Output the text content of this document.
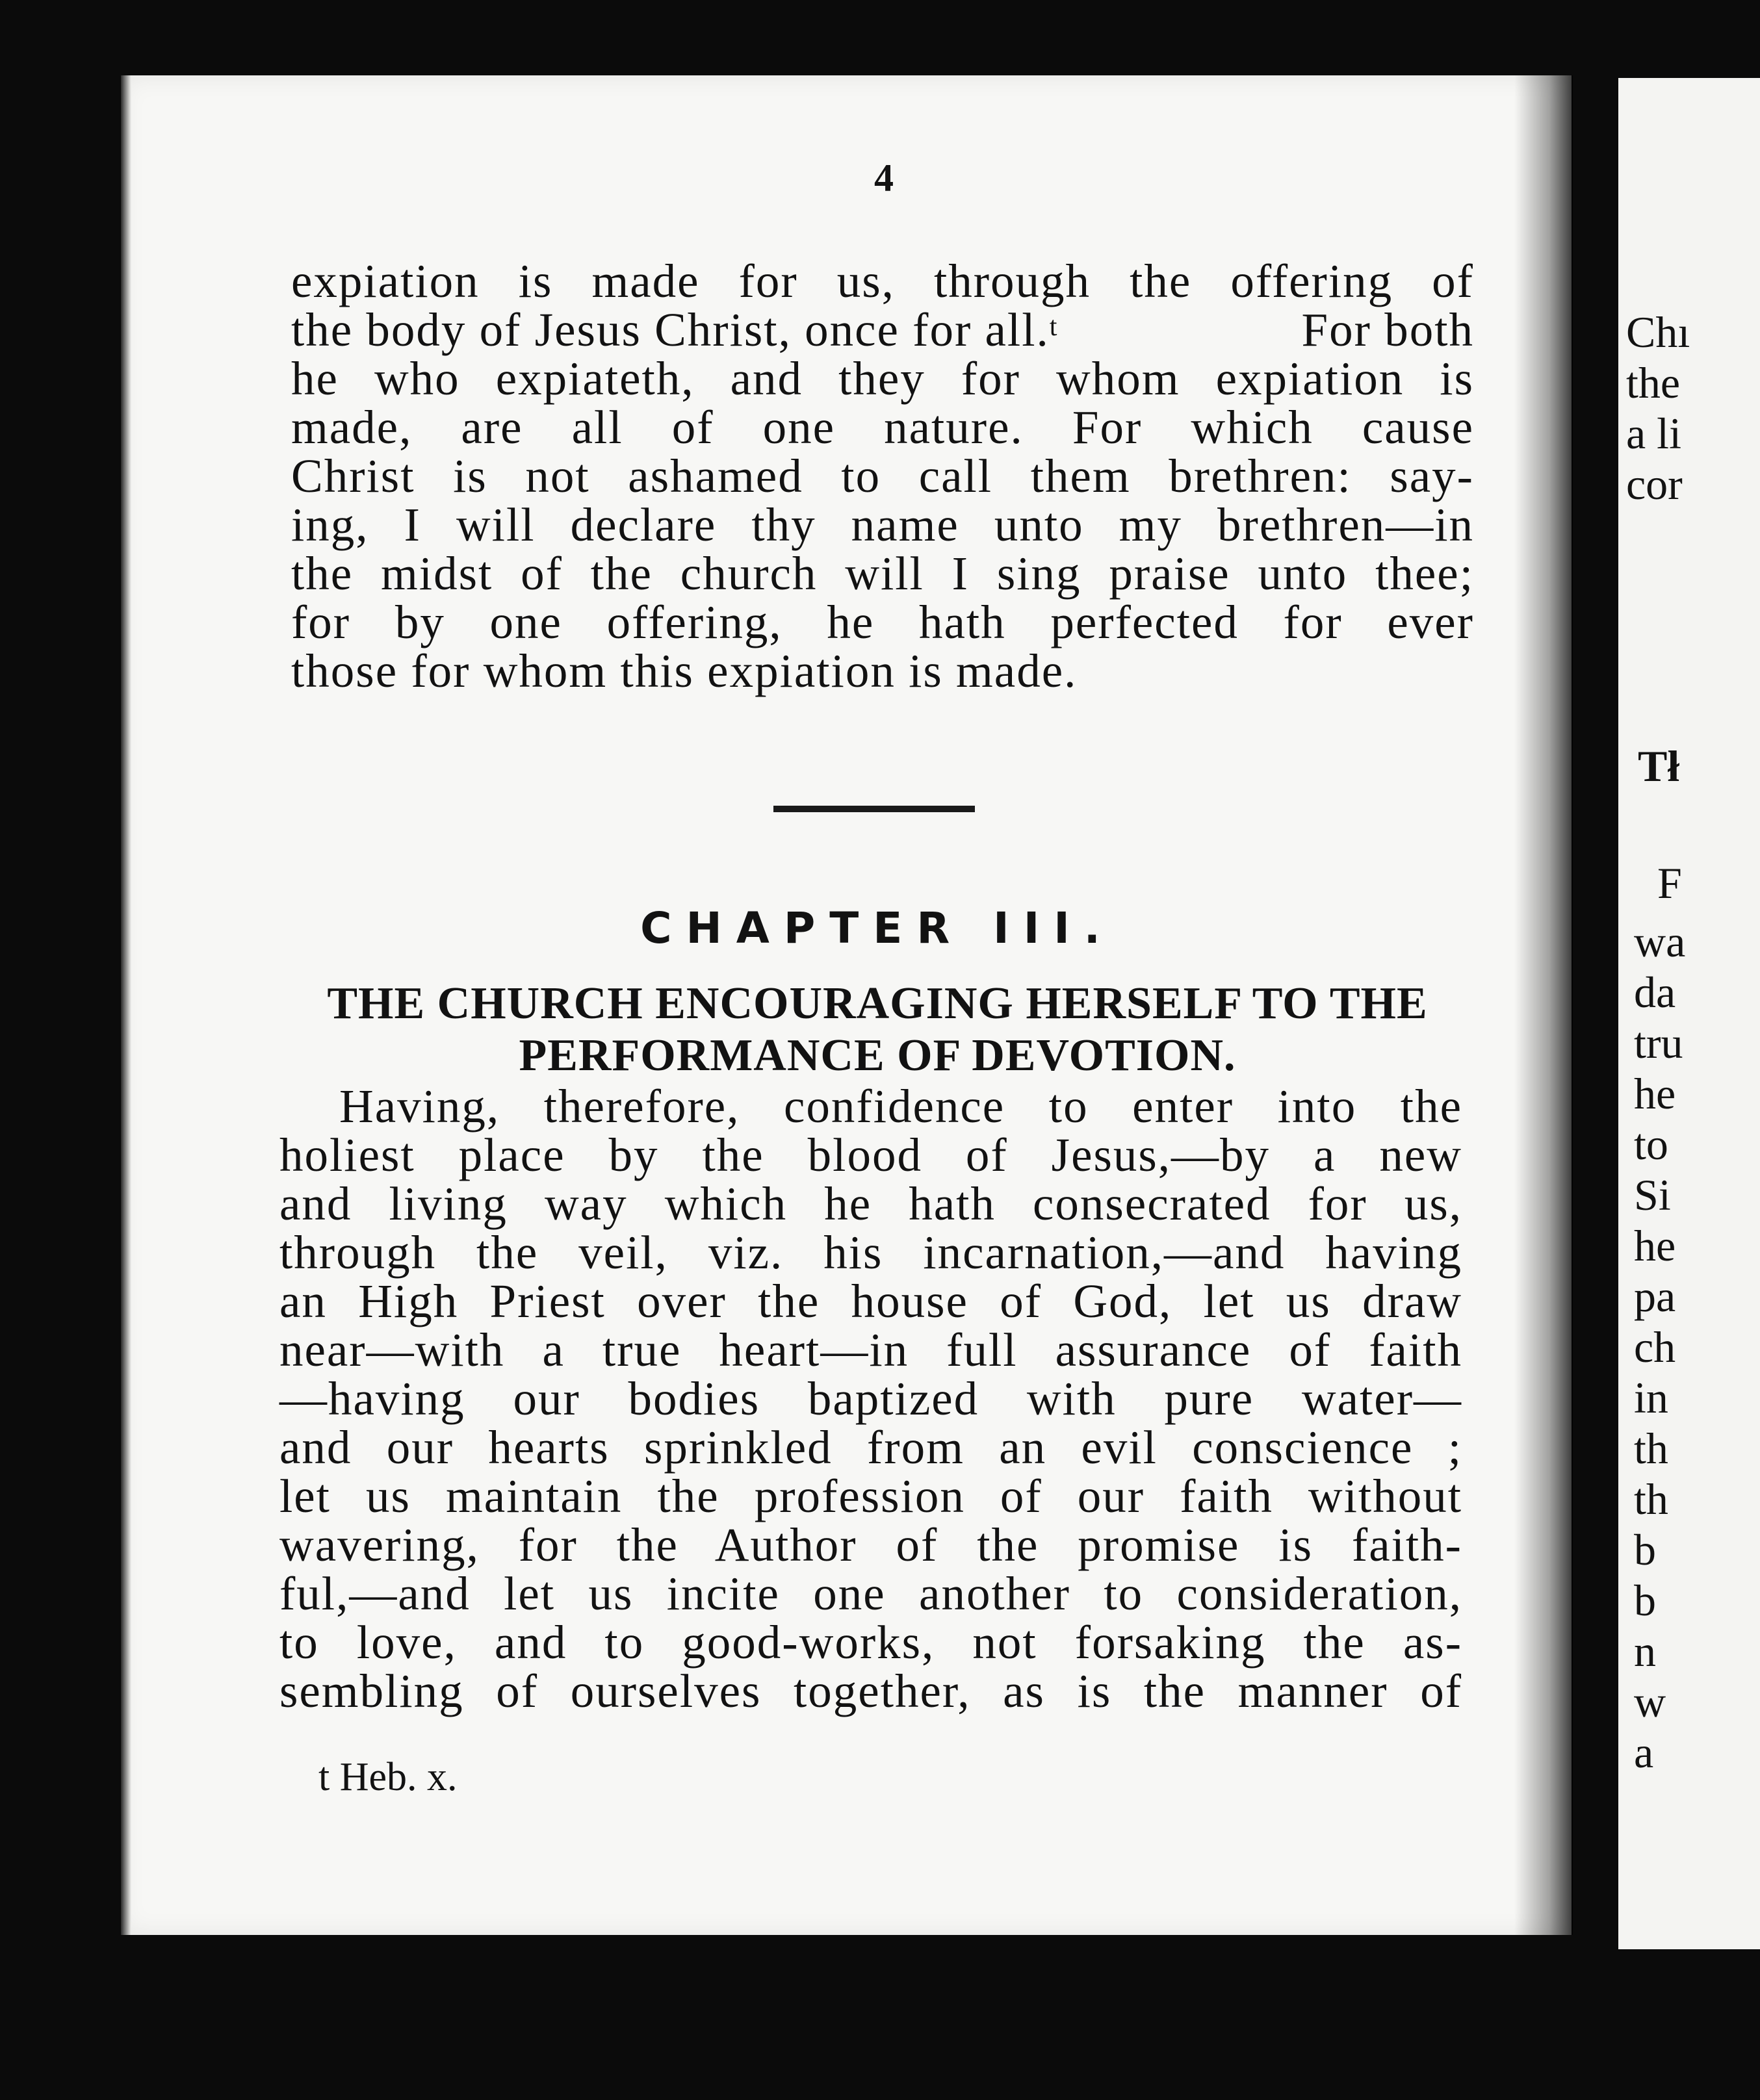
Chı
the
a li
cor
Tł
F
wa
da
tru
he
to
Si
he
pa
ch
in
th
th
b
b
n
w
a
4
expiation is made for us, through the offering of
the body of Jesus Christ, once for all.$^t$	For both
he who expiateth, and they for whom expiation is
made, are all of one nature. For which cause
Christ is not ashamed to call them brethren: say-
ing, I will declare thy name unto my brethren—in
the midst of the church will I sing praise unto thee;
for by one offering, he hath perfected for ever
those for whom this expiation is made.
CHAPTER III.
THE CHURCH ENCOURAGING HERSELF TO THE
PERFORMANCE OF DEVOTION.
Having, therefore, confidence to enter into the
holiest place by the blood of Jesus,—by a new
and living way which he hath consecrated for us,
through the veil, viz. his incarnation,—and having
an High Priest over the house of God, let us draw
near—with a true heart—in full assurance of faith
—having our bodies baptized with pure water—
and our hearts sprinkled from an evil conscience ;
let us maintain the profession of our faith without
wavering, for the Author of the promise is faith-
ful,—and let us incite one another to consideration,
to love, and to good-works, not forsaking the as-
sembling of ourselves together, as is the manner of
t Heb. x.
